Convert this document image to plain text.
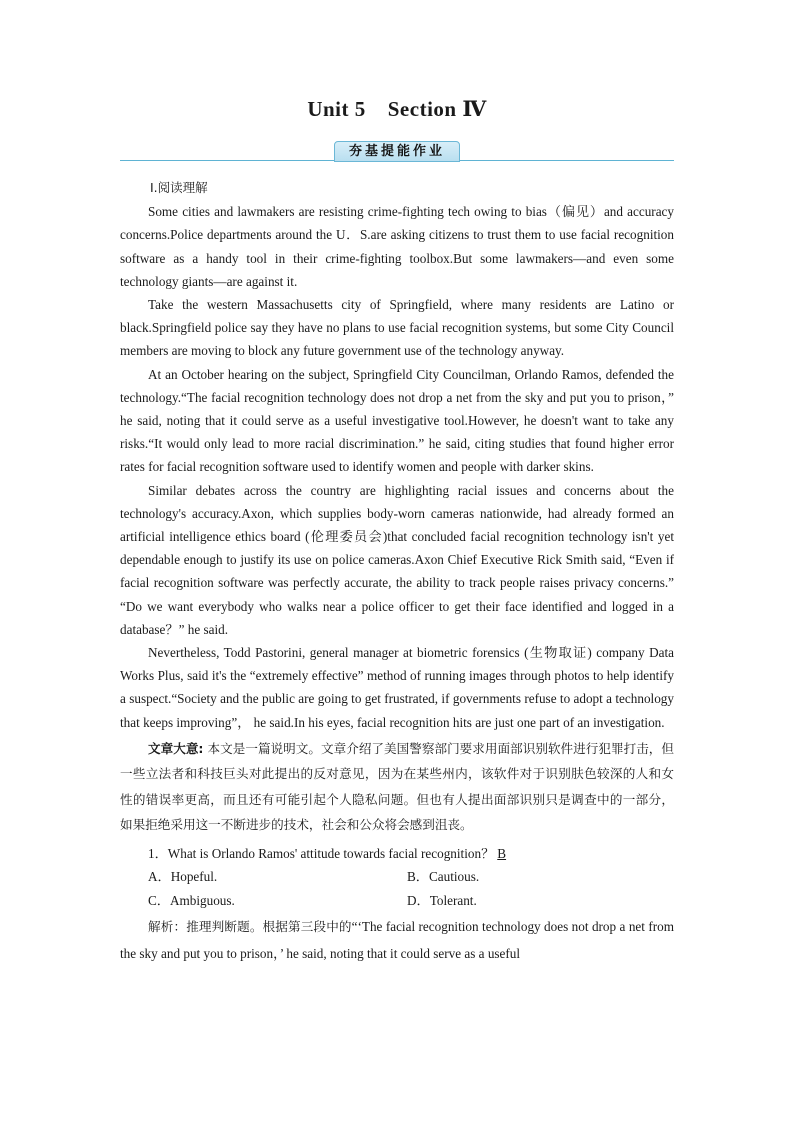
Unit 5 Section Ⅳ
夯基提能作业
Ⅰ.阅读理解

Some cities and lawmakers are resisting crime-fighting tech owing to bias（偏见）and accuracy concerns.Police departments around the U．S.are asking citizens to trust them to use facial recognition software as a handy tool in their crime-fighting toolbox.But some lawmakers—and even some technology giants—are against it.

Take the western Massachusetts city of Springfield, where many residents are Latino or black.Springfield police say they have no plans to use facial recognition systems, but some City Council members are moving to block any future government use of the technology anyway.

At an October hearing on the subject, Springfield City Councilman, Orlando Ramos, defended the technology.“The facial recognition technology does not drop a net from the sky and put you to prison，” he said, noting that it could serve as a useful investigative tool.However, he doesn't want to take any risks.“It would only lead to more racial discrimination.” he said, citing studies that found higher error rates for facial recognition software used to identify women and people with darker skins.

Similar debates across the country are highlighting racial issues and concerns about the technology's accuracy.Axon, which supplies body-worn cameras nationwide, had already formed an artificial intelligence ethics board (伦理委员会)that concluded facial recognition technology isn't yet dependable enough to justify its use on police cameras.Axon Chief Executive Rick Smith said, “Even if facial recognition software was perfectly accurate, the ability to track people raises privacy concerns.” “Do we want everybody who walks near a police officer to get their face identified and logged in a database？” he said.

Nevertheless, Todd Pastorini, general manager at biometric forensics (生物取证) company Data Works Plus, said it's the “extremely effective” method of running images through photos to help identify a suspect.“Society and the public are going to get frustrated, if governments refuse to adopt a technology that keeps improving”， he said.In his eyes, facial recognition hits are just one part of an investigation.

文章大意: 本文是一篇说明文。文章介绍了美国警察部门要求用面部识别软件进行犯罪打击，但一些立法者和科技巨头对此提出的反对意见，因为在某些州内，该软件对于识别肤色较深的人和女性的错误率更高，而且还有可能引起个人隐私问题。但也有人提出面部识别只是调查中的一部分，如果拒绝采用这一不断进步的技术，社会和公众将会感到沮丧。

1．What is Orlando Ramos' attitude towards facial recognition？ B
A．Hopeful.	B．Cautious.
C．Ambiguous.	D．Tolerant.

解析：推理判断题。根据第三段中的“‘The facial recognition technology does not drop a net from the sky and put you to prison，’ he said, noting that it could serve as a useful
